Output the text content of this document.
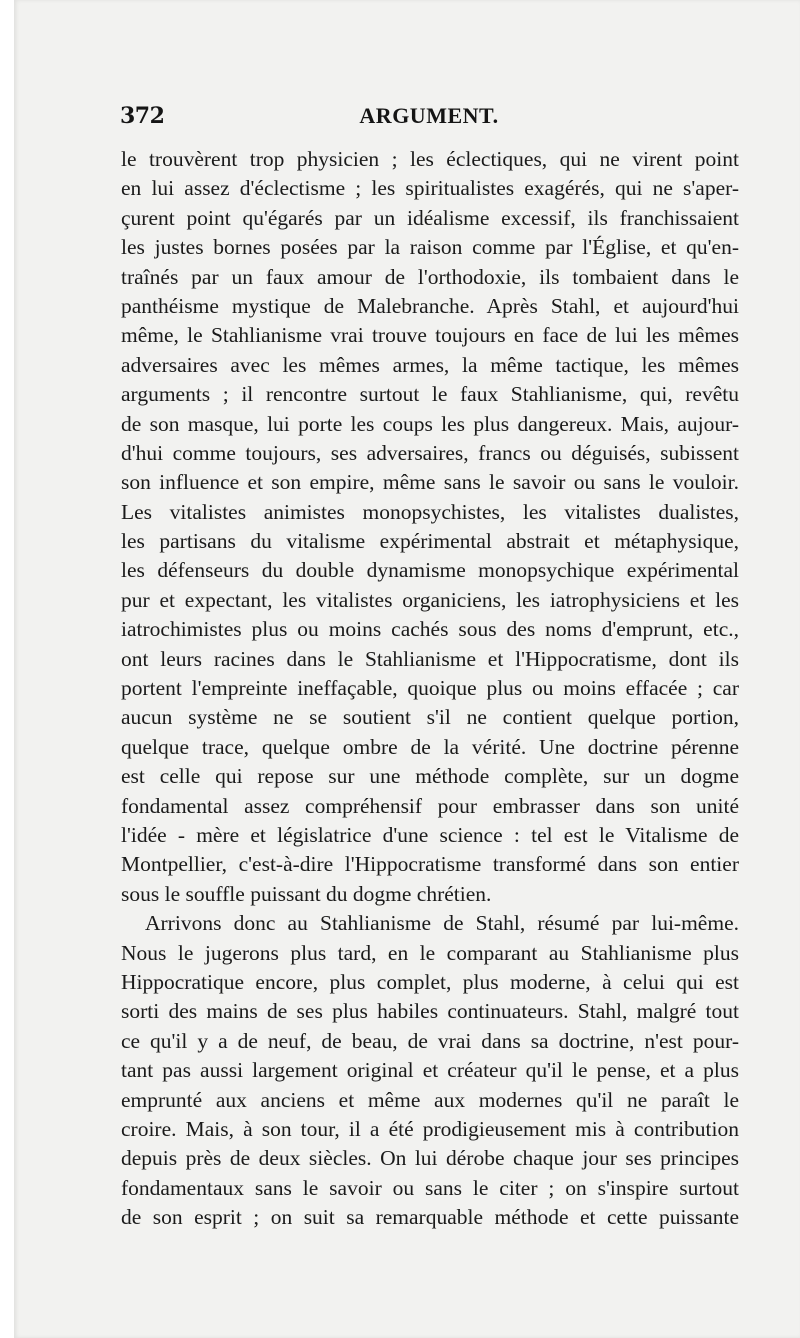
372	ARGUMENT.
le trouvèrent trop physicien ; les éclectiques, qui ne virent point
en lui assez d'éclectisme ; les spiritualistes exagérés, qui ne s'aper-
çurent point qu'égarés par un idéalisme excessif, ils franchissaient
les justes bornes posées par la raison comme par l'Église, et qu'en-
traînés par un faux amour de l'orthodoxie, ils tombaient dans le
panthéisme mystique de Malebranche. Après Stahl, et aujourd'hui
même, le Stahlianisme vrai trouve toujours en face de lui les mêmes
adversaires avec les mêmes armes, la même tactique, les mêmes
arguments ; il rencontre surtout le faux Stahlianisme, qui, revêtu
de son masque, lui porte les coups les plus dangereux. Mais, aujour-
d'hui comme toujours, ses adversaires, francs ou déguisés, subissent
son influence et son empire, même sans le savoir ou sans le vouloir.
Les vitalistes animistes monopsychistes, les vitalistes dualistes,
les partisans du vitalisme expérimental abstrait et métaphysique,
les défenseurs du double dynamisme monopsychique expérimental
pur et expectant, les vitalistes organiciens, les iatrophysiciens et les
iatrochimistes plus ou moins cachés sous des noms d'emprunt, etc.,
ont leurs racines dans le Stahlianisme et l'Hippocratisme, dont ils
portent l'empreinte ineffaçable, quoique plus ou moins effacée ; car
aucun système ne se soutient s'il ne contient quelque portion,
quelque trace, quelque ombre de la vérité. Une doctrine pérenne
est celle qui repose sur une méthode complète, sur un dogme
fondamental assez compréhensif pour embrasser dans son unité
l'idée - mère et législatrice d'une science : tel est le Vitalisme de
Montpellier, c'est-à-dire l'Hippocratisme transformé dans son entier
sous le souffle puissant du dogme chrétien.
Arrivons donc au Stahlianisme de Stahl, résumé par lui-même.
Nous le jugerons plus tard, en le comparant au Stahlianisme plus
Hippocratique encore, plus complet, plus moderne, à celui qui est
sorti des mains de ses plus habiles continuateurs. Stahl, malgré tout
ce qu'il y a de neuf, de beau, de vrai dans sa doctrine, n'est pour-
tant pas aussi largement original et créateur qu'il le pense, et a plus
emprunté aux anciens et même aux modernes qu'il ne paraît le
croire. Mais, à son tour, il a été prodigieusement mis à contribution
depuis près de deux siècles. On lui dérobe chaque jour ses principes
fondamentaux sans le savoir ou sans le citer ; on s'inspire surtout
de son esprit ; on suit sa remarquable méthode et cette puissante
